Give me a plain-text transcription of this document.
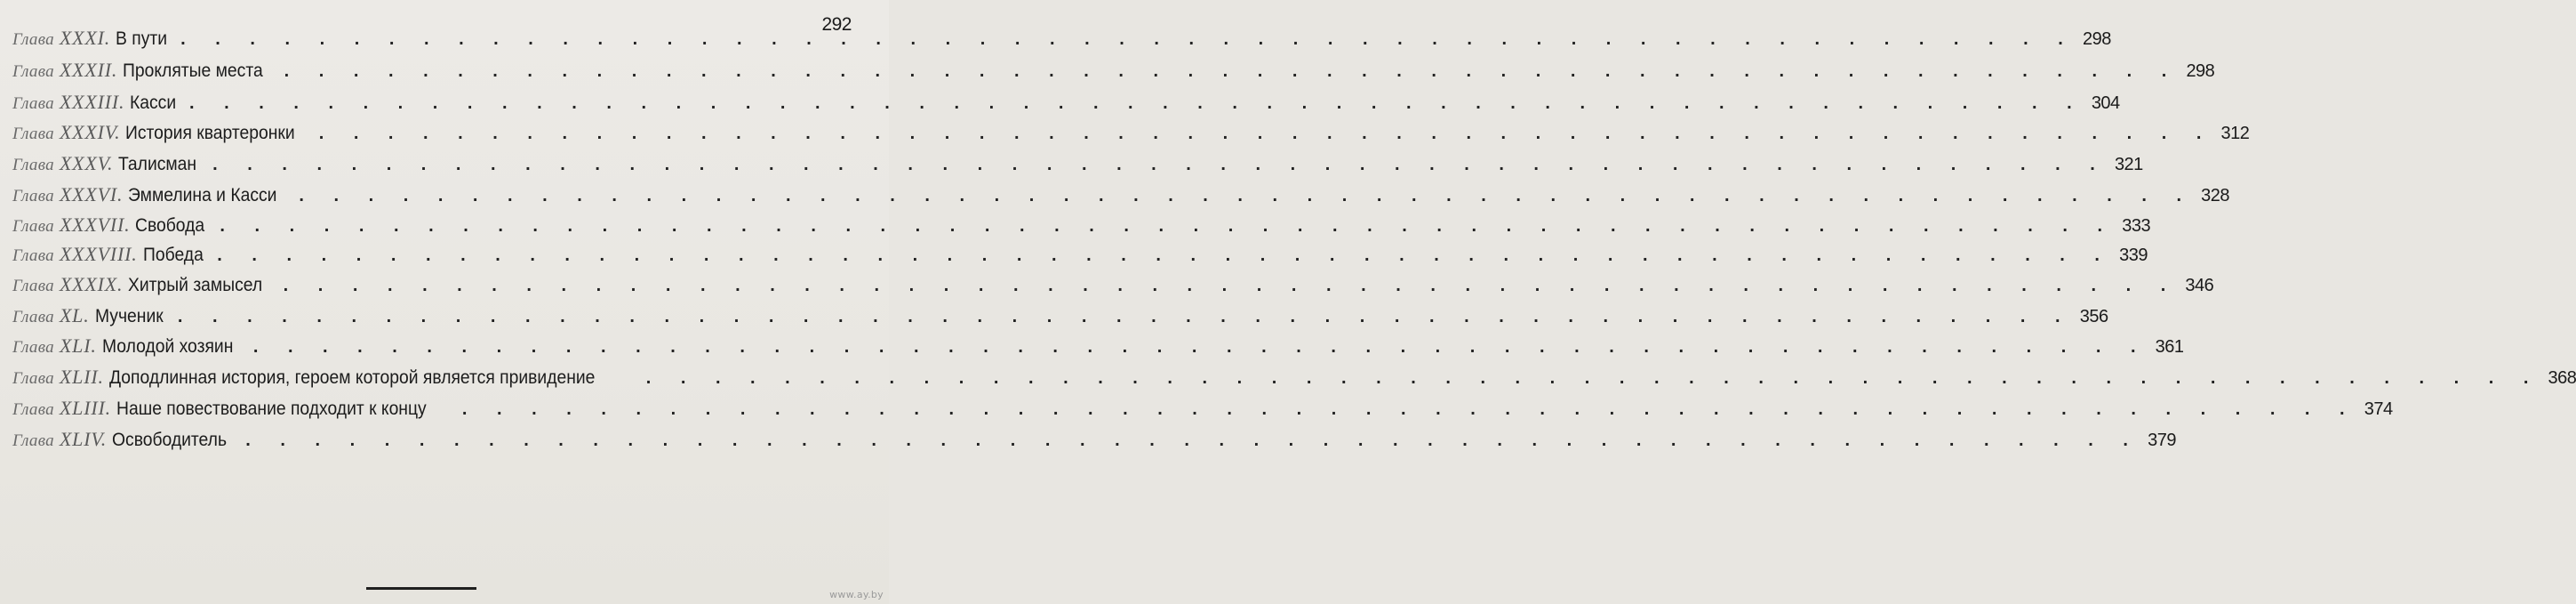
292
Глава XXXI. В пути . . . . . . . . . . . . . . . . . . . . . . . . . . . . . . . . . . . . . . . . . . . . . . . . . . . . . . . 298
Глава XXXII. Проклятые места . . . . . . . . . . . . . . . . . . . . . . . . . . . . . . . . . . . . . . . . . . . . . . . . . . . . . . . 298
Глава XXXIII. Касси . . . . . . . . . . . . . . . . . . . . . . . . . . . . . . . . . . . . . . . . . . . . . . . . . . . . . . . 304
Глава XXXIV. История квартеронки . . . . . . . . . . . . . . . . . . . . . . . . . . . . . . . . . . . . . . . . . . . . . . . . . . . . . . . 312
Глава XXXV. Талисман . . . . . . . . . . . . . . . . . . . . . . . . . . . . . . . . . . . . . . . . . . . . . . . . . . . . . . . 321
Глава XXXVI. Эммелина и Касси . . . . . . . . . . . . . . . . . . . . . . . . . . . . . . . . . . . . . . . . . . . . . . . . . . . . . . . 328
Глава XXXVII. Свобода . . . . . . . . . . . . . . . . . . . . . . . . . . . . . . . . . . . . . . . . . . . . . . . . . . . . . . . 333
Глава XXXVIII. Победа . . . . . . . . . . . . . . . . . . . . . . . . . . . . . . . . . . . . . . . . . . . . . . . . . . . . . . . 339
Глава XXXIX. Хитрый замысел . . . . . . . . . . . . . . . . . . . . . . . . . . . . . . . . . . . . . . . . . . . . . . . . . . . . . . . 346
Глава XL. Мученик . . . . . . . . . . . . . . . . . . . . . . . . . . . . . . . . . . . . . . . . . . . . . . . . . . . . . . . 356
Глава XLI. Молодой хозяин . . . . . . . . . . . . . . . . . . . . . . . . . . . . . . . . . . . . . . . . . . . . . . . . . . . . . . . 361
Глава XLII. Доподлинная история, героем которой является привидение	. . . . . . . . . . . . . . . . . . . . . . . . . . . . . . . . . . . . . . . . . . . . . . . . . . . . . . . 368
Глава XLIII. Наше повествование подходит к концу . . . . . . . . . . . . . . . . . . . . . . . . . . . . . . . . . . . . . . . . . . . . . . . . . . . . . . . 374
Глава XLIV. Освободитель . . . . . . . . . . . . . . . . . . . . . . . . . . . . . . . . . . . . . . . . . . . . . . . . . . . . . . . 379
www.ay.by
